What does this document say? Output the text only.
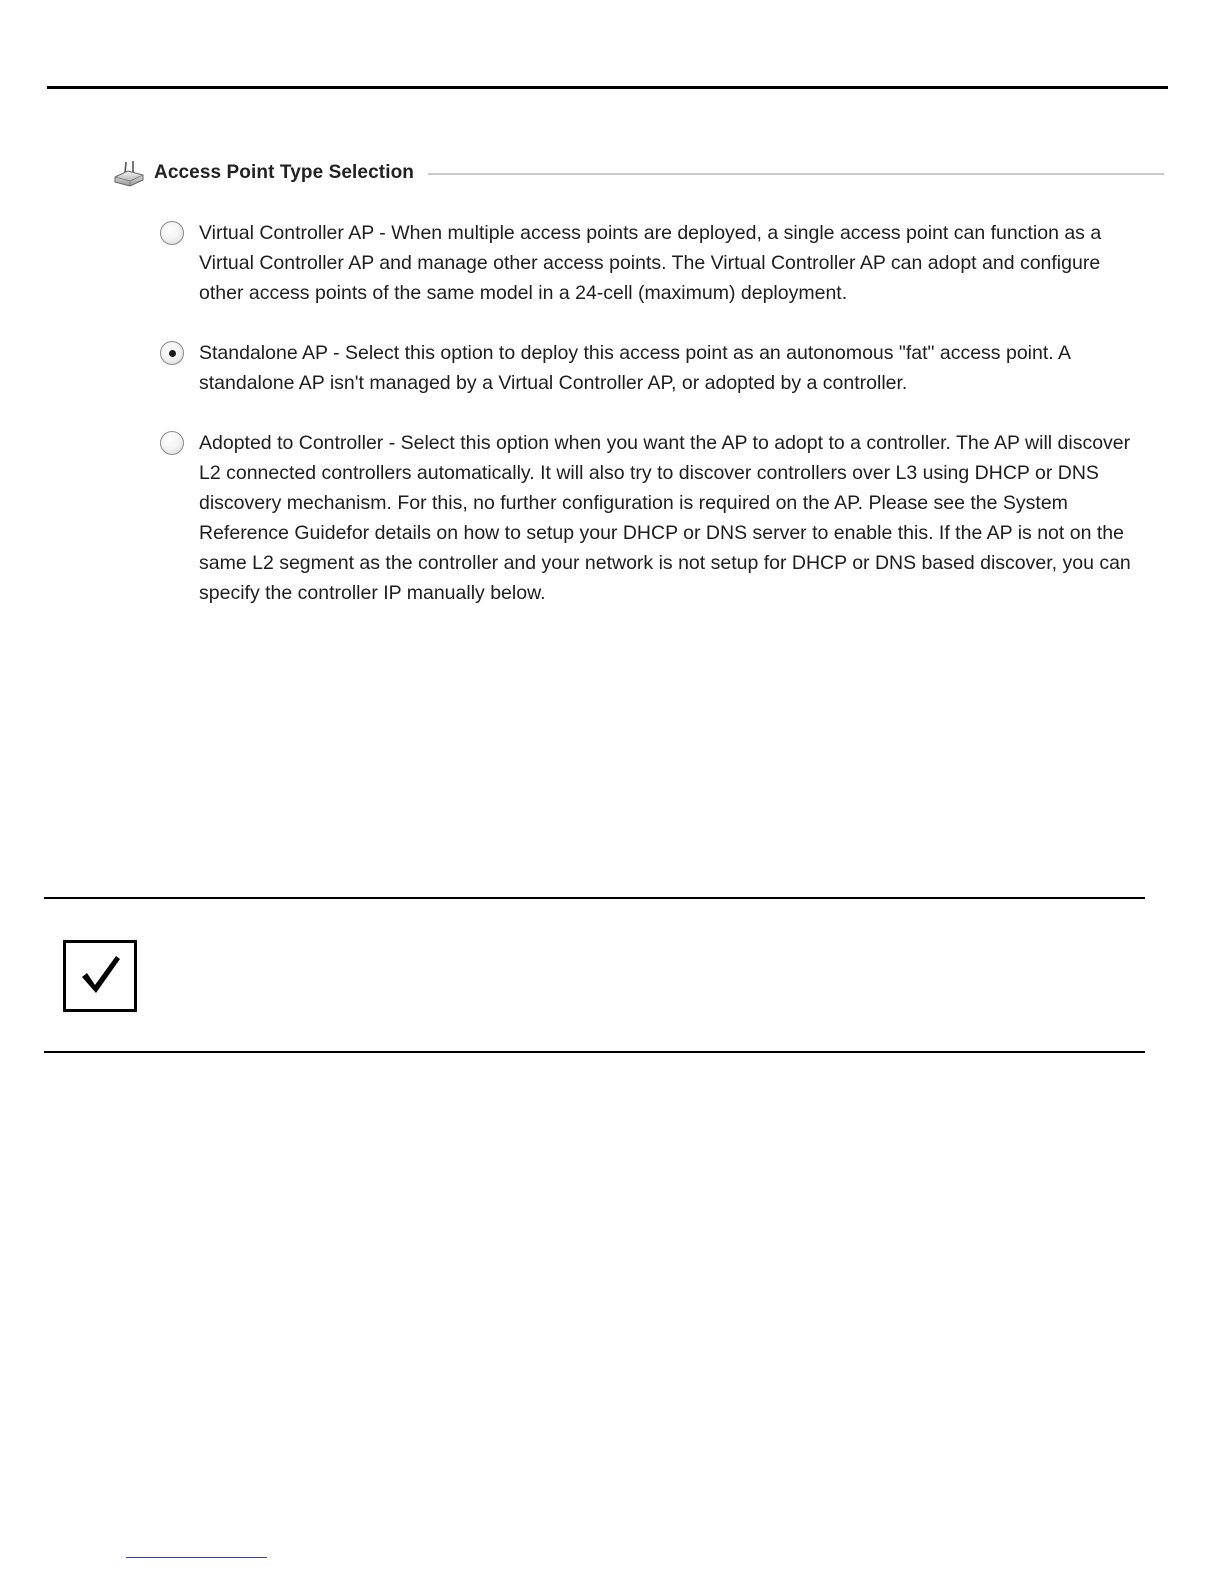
Access Point Type Selection
Virtual Controller AP - When multiple access points are deployed, a single access point can function as a Virtual Controller AP and manage other access points. The Virtual Controller AP can adopt and configure other access points of the same model in a 24-cell (maximum) deployment.
Standalone AP - Select this option to deploy this access point as an autonomous "fat" access point. A standalone AP isn't managed by a Virtual Controller AP, or adopted by a controller.
Adopted to Controller - Select this option when you want the AP to adopt to a controller. The AP will discover L2 connected controllers automatically. It will also try to discover controllers over L3 using DHCP or DNS discovery mechanism. For this, no further configuration is required on the AP. Please see the System Reference Guidefor details on how to setup your DHCP or DNS server to enable this. If the AP is not on the same L2 segment as the controller and your network is not setup for DHCP or DNS based discover, you can specify the controller IP manually below.
